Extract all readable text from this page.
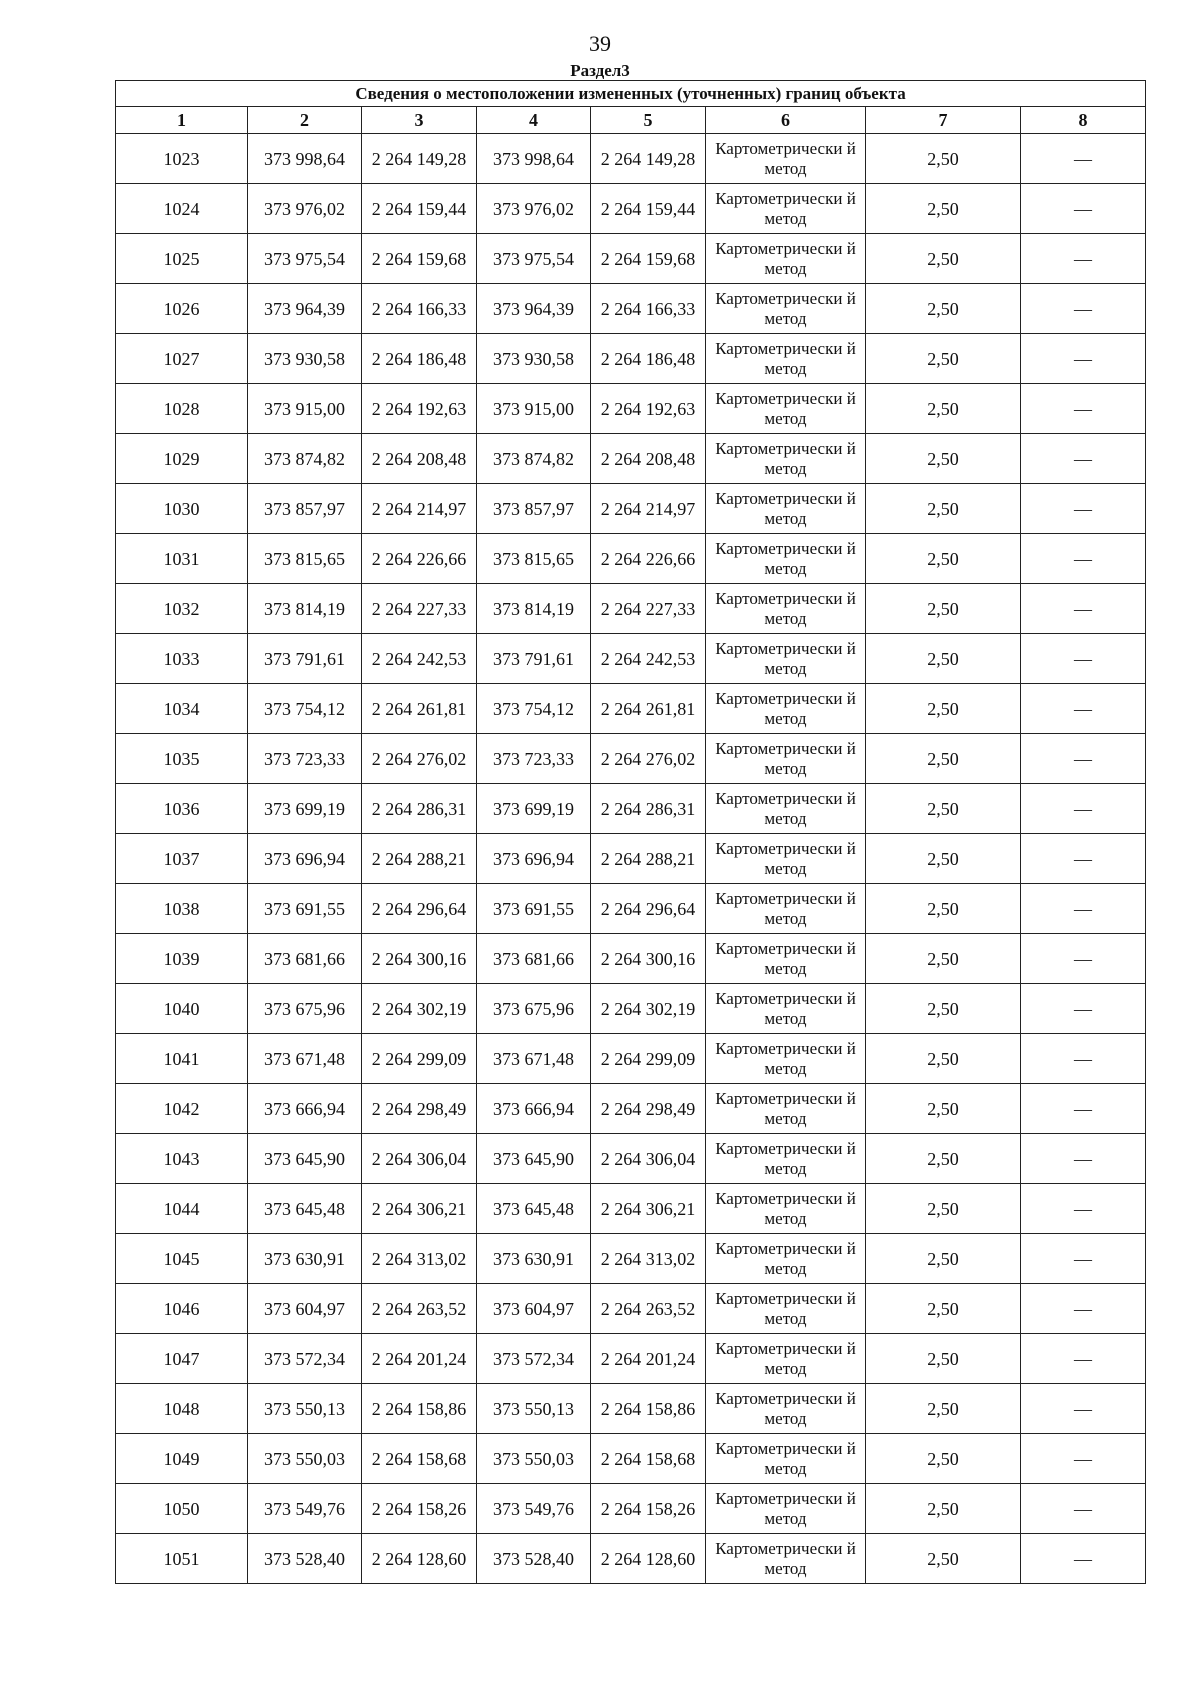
39
Раздел3
Сведения о местоположении измененных (уточненных) границ объекта							
1	2	3	4	5	6	7	8
1023	373 998,64	2 264 149,28	373 998,64	2 264 149,28	Картометрически й метод	2,50	—
1024	373 976,02	2 264 159,44	373 976,02	2 264 159,44	Картометрически й метод	2,50	—
1025	373 975,54	2 264 159,68	373 975,54	2 264 159,68	Картометрически й метод	2,50	—
1026	373 964,39	2 264 166,33	373 964,39	2 264 166,33	Картометрически й метод	2,50	—
1027	373 930,58	2 264 186,48	373 930,58	2 264 186,48	Картометрически й метод	2,50	—
1028	373 915,00	2 264 192,63	373 915,00	2 264 192,63	Картометрически й метод	2,50	—
1029	373 874,82	2 264 208,48	373 874,82	2 264 208,48	Картометрически й метод	2,50	—
1030	373 857,97	2 264 214,97	373 857,97	2 264 214,97	Картометрически й метод	2,50	—
1031	373 815,65	2 264 226,66	373 815,65	2 264 226,66	Картометрически й метод	2,50	—
1032	373 814,19	2 264 227,33	373 814,19	2 264 227,33	Картометрически й метод	2,50	—
1033	373 791,61	2 264 242,53	373 791,61	2 264 242,53	Картометрически й метод	2,50	—
1034	373 754,12	2 264 261,81	373 754,12	2 264 261,81	Картометрически й метод	2,50	—
1035	373 723,33	2 264 276,02	373 723,33	2 264 276,02	Картометрически й метод	2,50	—
1036	373 699,19	2 264 286,31	373 699,19	2 264 286,31	Картометрически й метод	2,50	—
1037	373 696,94	2 264 288,21	373 696,94	2 264 288,21	Картометрически й метод	2,50	—
1038	373 691,55	2 264 296,64	373 691,55	2 264 296,64	Картометрически й метод	2,50	—
1039	373 681,66	2 264 300,16	373 681,66	2 264 300,16	Картометрически й метод	2,50	—
1040	373 675,96	2 264 302,19	373 675,96	2 264 302,19	Картометрически й метод	2,50	—
1041	373 671,48	2 264 299,09	373 671,48	2 264 299,09	Картометрически й метод	2,50	—
1042	373 666,94	2 264 298,49	373 666,94	2 264 298,49	Картометрически й метод	2,50	—
1043	373 645,90	2 264 306,04	373 645,90	2 264 306,04	Картометрически й метод	2,50	—
1044	373 645,48	2 264 306,21	373 645,48	2 264 306,21	Картометрически й метод	2,50	—
1045	373 630,91	2 264 313,02	373 630,91	2 264 313,02	Картометрически й метод	2,50	—
1046	373 604,97	2 264 263,52	373 604,97	2 264 263,52	Картометрически й метод	2,50	—
1047	373 572,34	2 264 201,24	373 572,34	2 264 201,24	Картометрически й метод	2,50	—
1048	373 550,13	2 264 158,86	373 550,13	2 264 158,86	Картометрически й метод	2,50	—
1049	373 550,03	2 264 158,68	373 550,03	2 264 158,68	Картометрически й метод	2,50	—
1050	373 549,76	2 264 158,26	373 549,76	2 264 158,26	Картометрически й метод	2,50	—
1051	373 528,40	2 264 128,60	373 528,40	2 264 128,60	Картометрически й метод	2,50	—
